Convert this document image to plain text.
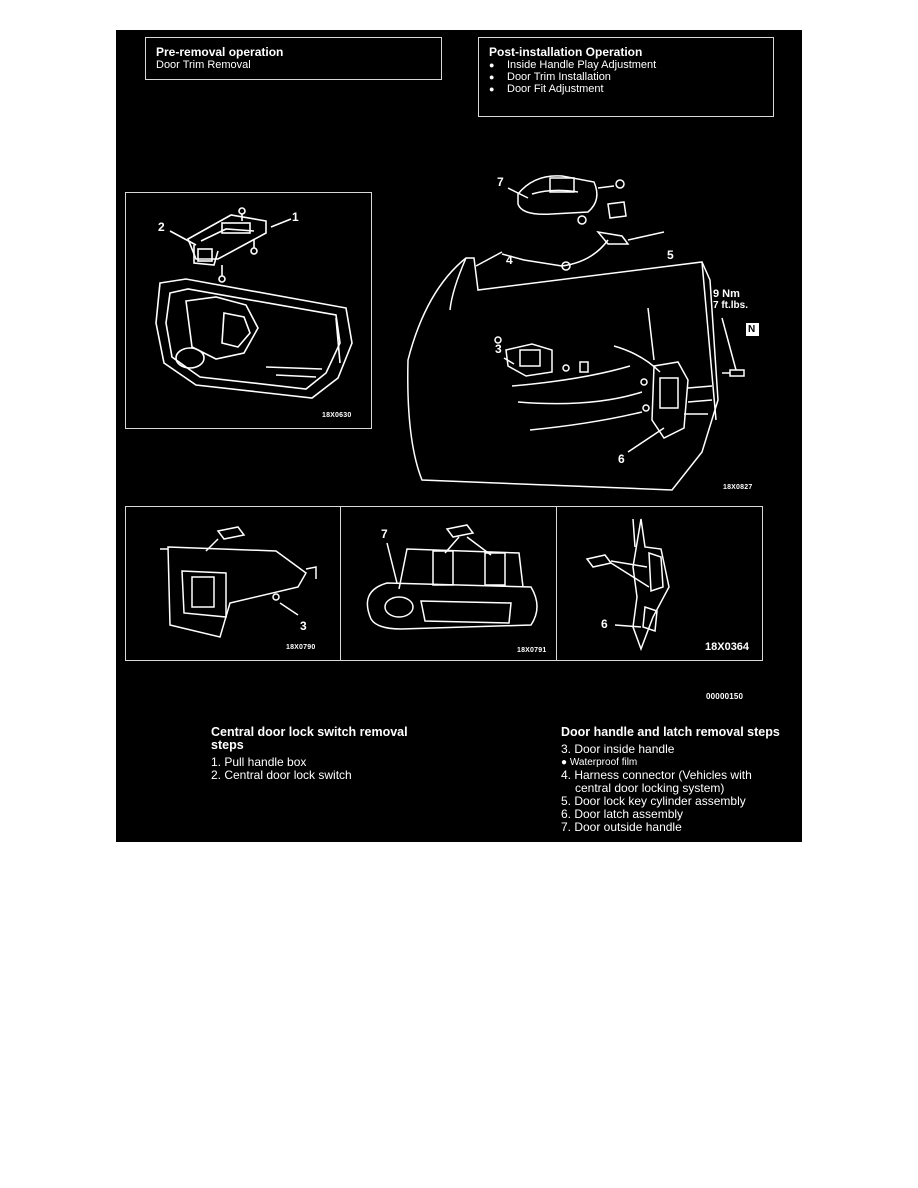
Pre-removal operation
Door Trim Removal
Post-installation Operation
● Inside Handle Play Adjustment
● Door Trim Installation
● Door Fit Adjustment
1
2
18X0630
7
4	5
3
6
9 Nm
7 ft.lbs.
N
18X0827
3
18X0790
7
18X0791
6
18X0364
00000150
Central door lock switch removal
steps
1. Pull handle box
2. Central door lock switch
Door handle and latch removal steps
3. Door inside handle
● Waterproof film
4. Harness connector (Vehicles with
central door locking system)
5. Door lock key cylinder assembly
6. Door latch assembly
7. Door outside handle
